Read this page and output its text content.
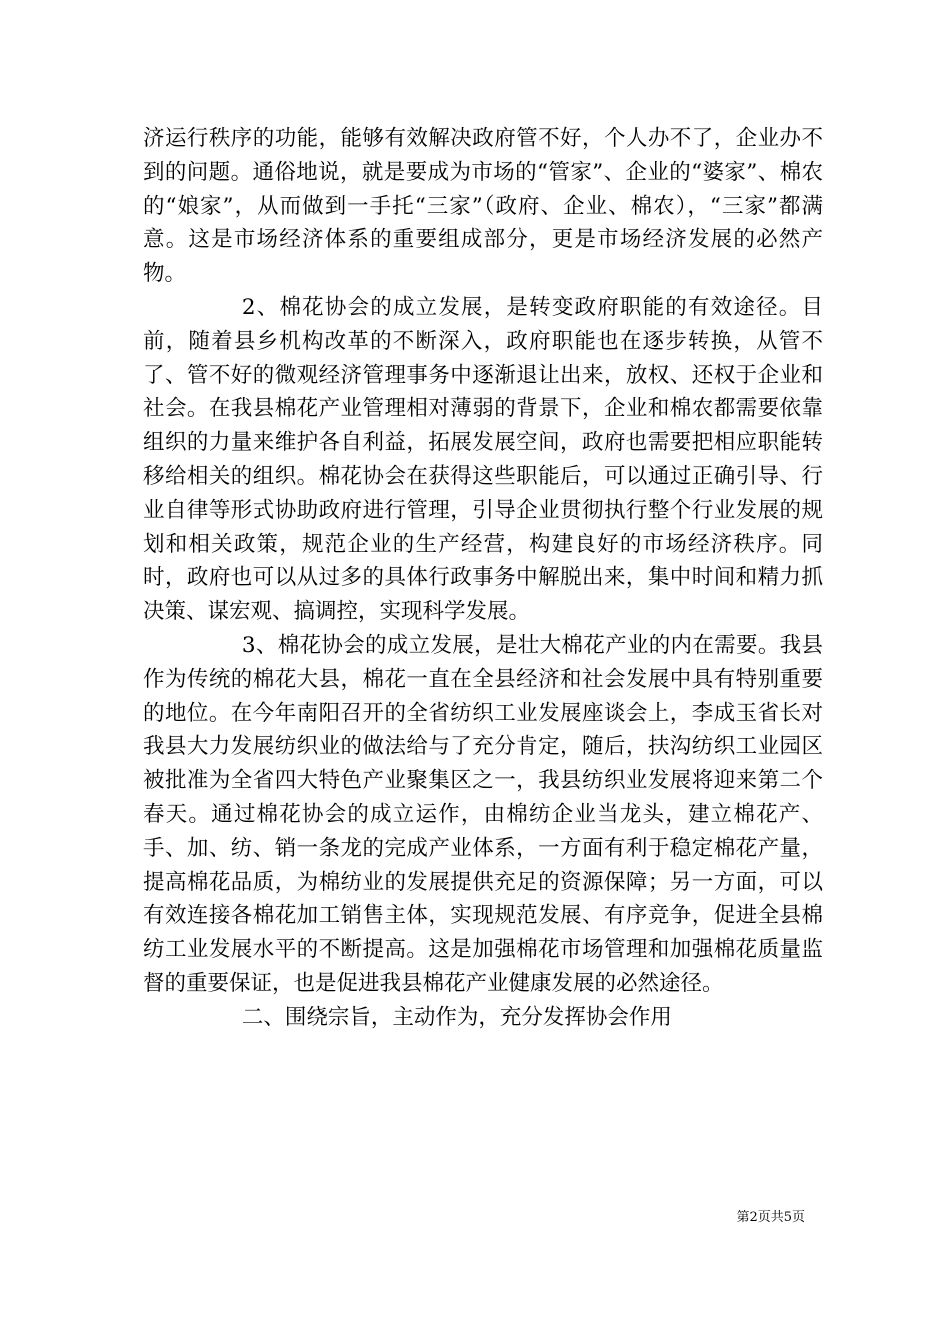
济运行秩序的功能，能够有效解决政府管不好，个人办不了，企业办不到的问题。通俗地说，就是要成为市场的“管家”、企业的“婆家”、棉农的“娘家”，从而做到一手托“三家”（政府、企业、棉农），“三家”都满意。这是市场经济体系的重要组成部分，更是市场经济发展的必然产物。

2、棉花协会的成立发展，是转变政府职能的有效途径。目前，随着县乡机构改革的不断深入，政府职能也在逐步转换，从管不了、管不好的微观经济管理事务中逐渐退让出来，放权、还权于企业和社会。在我县棉花产业管理相对薄弱的背景下，企业和棉农都需要依靠组织的力量来维护各自利益，拓展发展空间，政府也需要把相应职能转移给相关的组织。棉花协会在获得这些职能后，可以通过正确引导、行业自律等形式协助政府进行管理，引导企业贯彻执行整个行业发展的规划和相关政策，规范企业的生产经营，构建良好的市场经济秩序。同时，政府也可以从过多的具体行政事务中解脱出来，集中时间和精力抓决策、谋宏观、搞调控，实现科学发展。

3、棉花协会的成立发展，是壮大棉花产业的内在需要。我县作为传统的棉花大县，棉花一直在全县经济和社会发展中具有特别重要的地位。在今年南阳召开的全省纺织工业发展座谈会上，李成玉省长对我县大力发展纺织业的做法给与了充分肯定，随后，扶沟纺织工业园区被批准为全省四大特色产业聚集区之一，我县纺织业发展将迎来第二个春天。通过棉花协会的成立运作，由棉纺企业当龙头，建立棉花产、手、加、纺、销一条龙的完成产业体系，一方面有利于稳定棉花产量，提高棉花品质，为棉纺业的发展提供充足的资源保障；另一方面，可以有效连接各棉花加工销售主体，实现规范发展、有序竞争，促进全县棉纺工业发展水平的不断提高。这是加强棉花市场管理和加强棉花质量监督的重要保证，也是促进我县棉花产业健康发展的必然途径。

二、围绕宗旨，主动作为，充分发挥协会作用

第2页共5页
